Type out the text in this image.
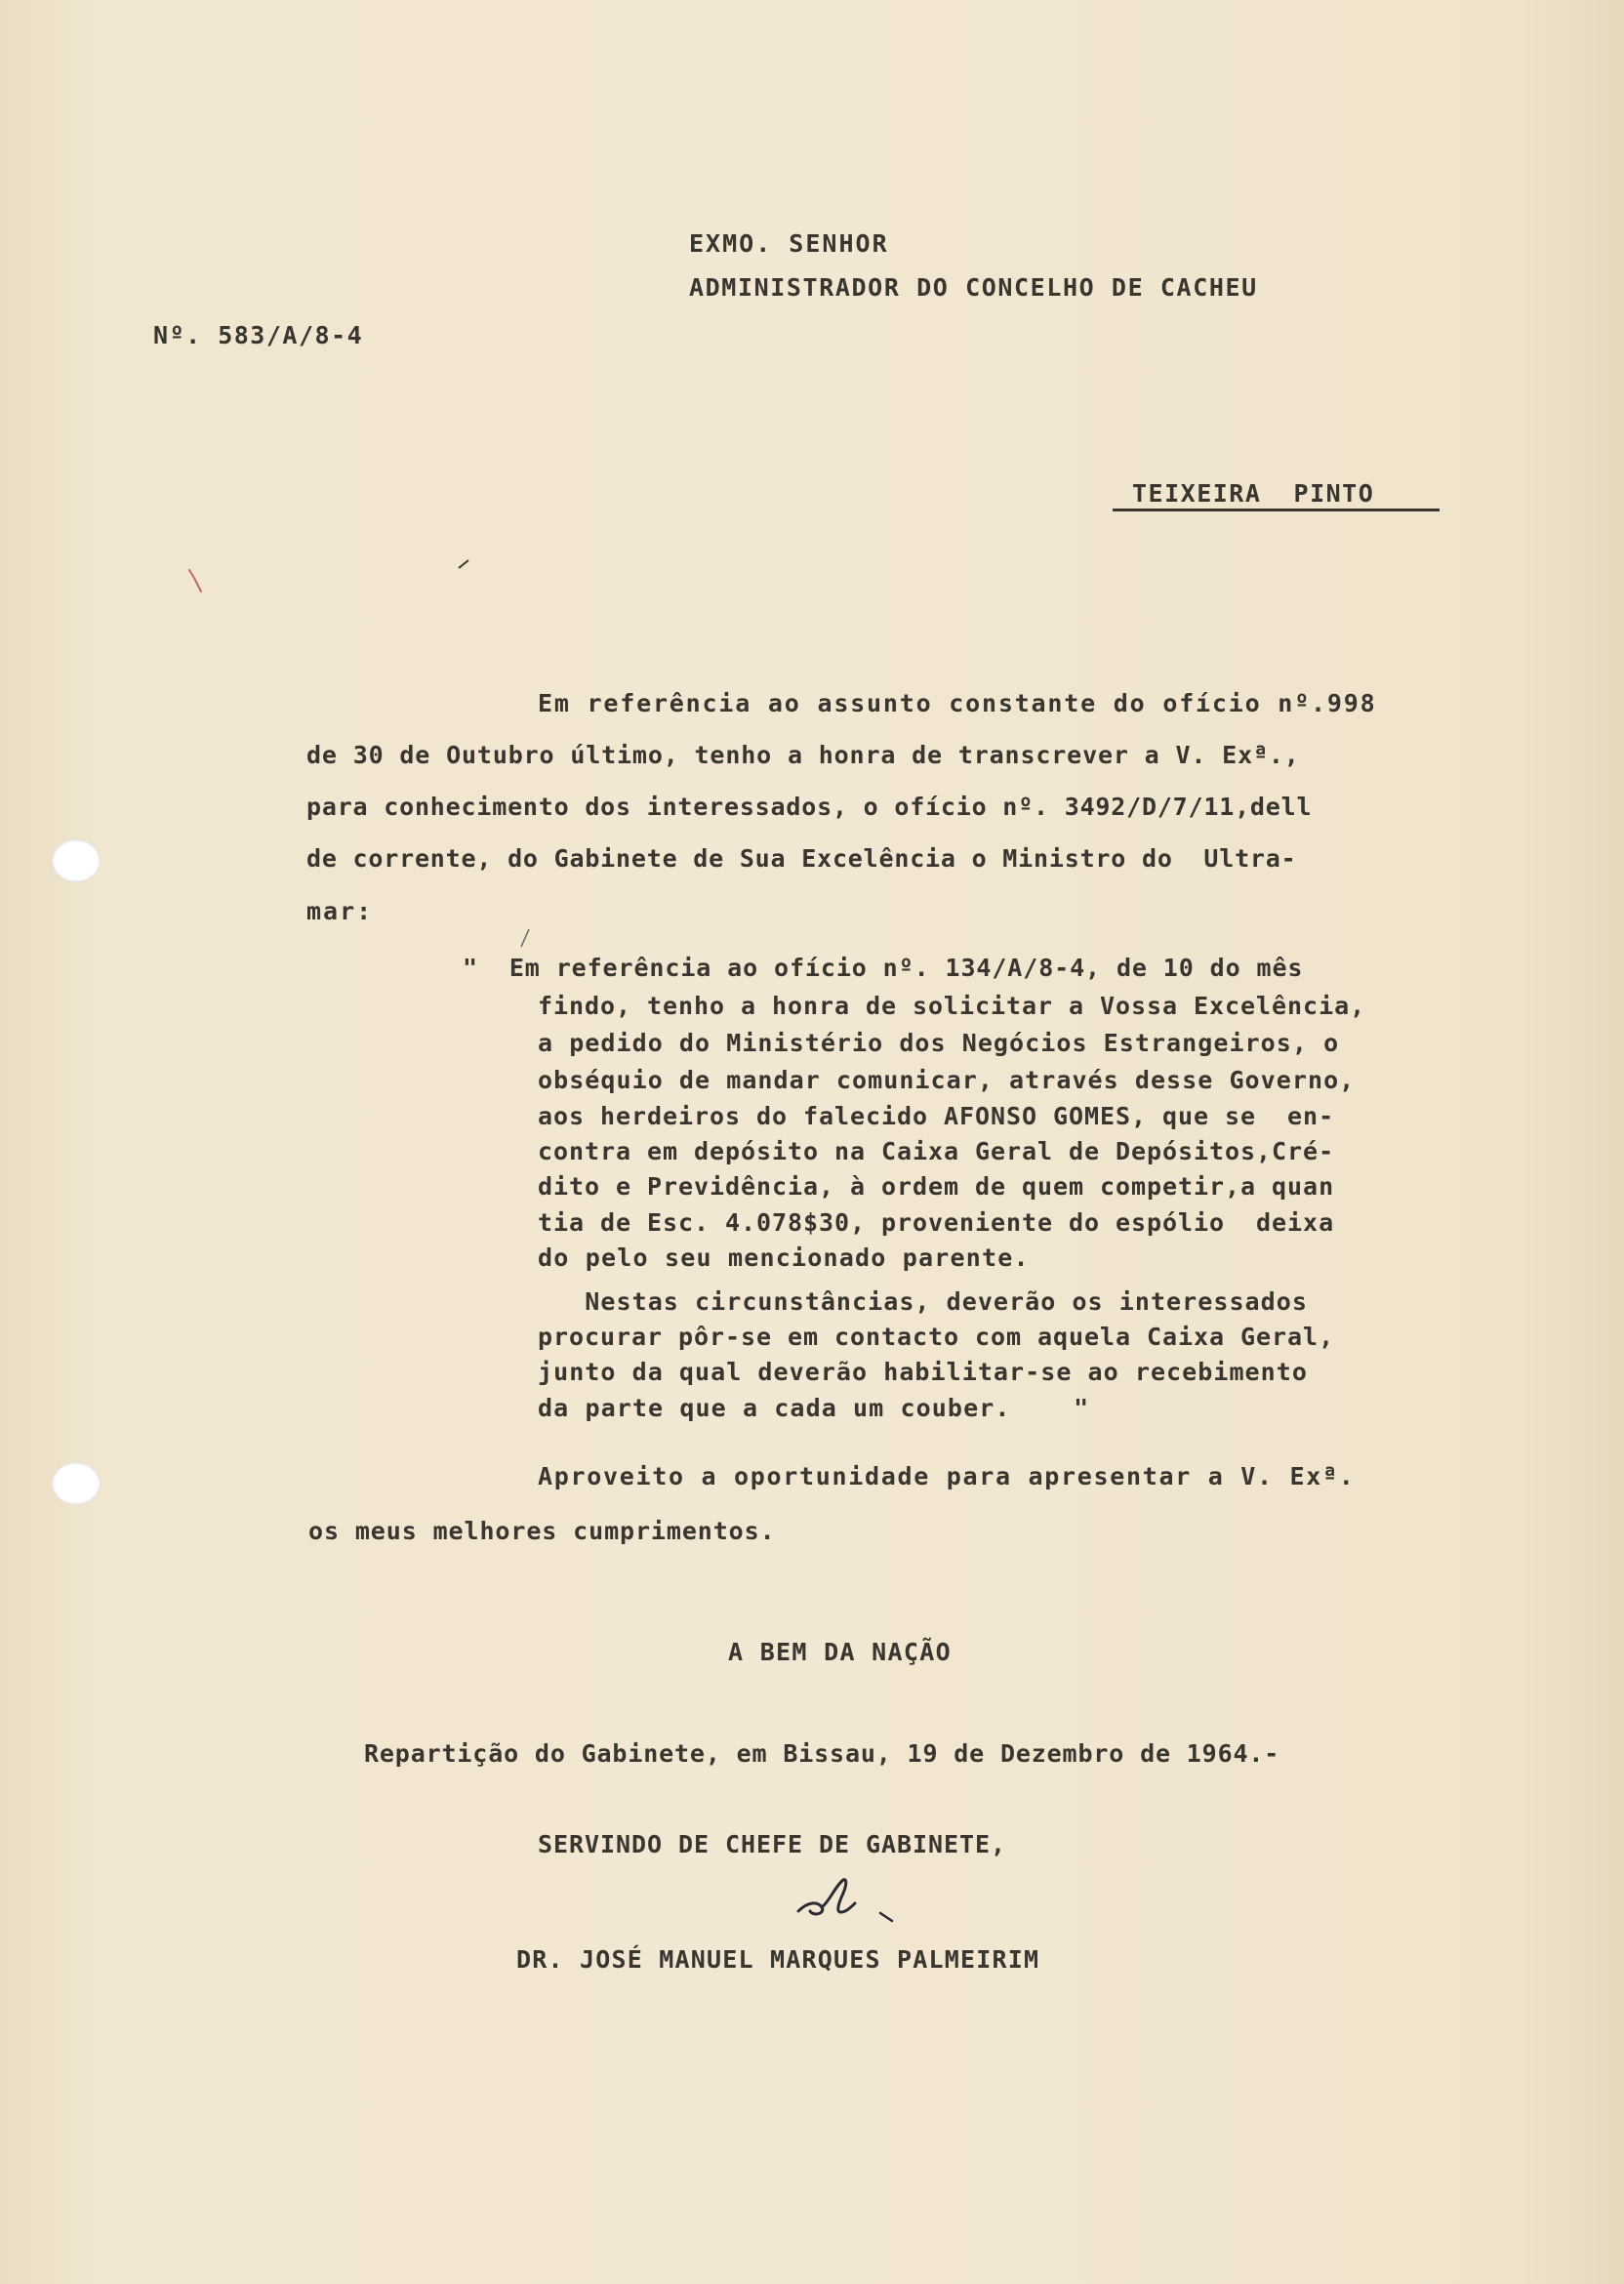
EXMO. SENHOR

ADMINISTRADOR DO CONCELHO DE CACHEU

Nº. 583/A/8-4

TEIXEIRA  PINTO

Em referência ao assunto constante do ofício nº.998

de 30 de Outubro último, tenho a honra de transcrever a V. Exª.,

para conhecimento dos interessados, o ofício nº. 3492/D/7/11,dell

de corrente, do Gabinete de Sua Excelência o Ministro do  Ultra-

mar:

"  Em referência ao ofício nº. 134/A/8-4, de 10 do mês

findo, tenho a honra de solicitar a Vossa Excelência,

a pedido do Ministério dos Negócios Estrangeiros, o

obséquio de mandar comunicar, através desse Governo,

aos herdeiros do falecido AFONSO GOMES, que se  en-

contra em depósito na Caixa Geral de Depósitos,Cré-

dito e Previdência, à ordem de quem competir,a quan

tia de Esc. 4.078$30, proveniente do espólio  deixa

do pelo seu mencionado parente.

Nestas circunstâncias, deverão os interessados

procurar pôr-se em contacto com aquela Caixa Geral,

junto da qual deverão habilitar-se ao recebimento

da parte que a cada um couber.    "

Aproveito a oportunidade para apresentar a V. Exª.

os meus melhores cumprimentos.

A BEM DA NAÇÃO

Repartição do Gabinete, em Bissau, 19 de Dezembro de 1964.-

SERVINDO DE CHEFE DE GABINETE,

DR. JOSÉ MANUEL MARQUES PALMEIRIM
